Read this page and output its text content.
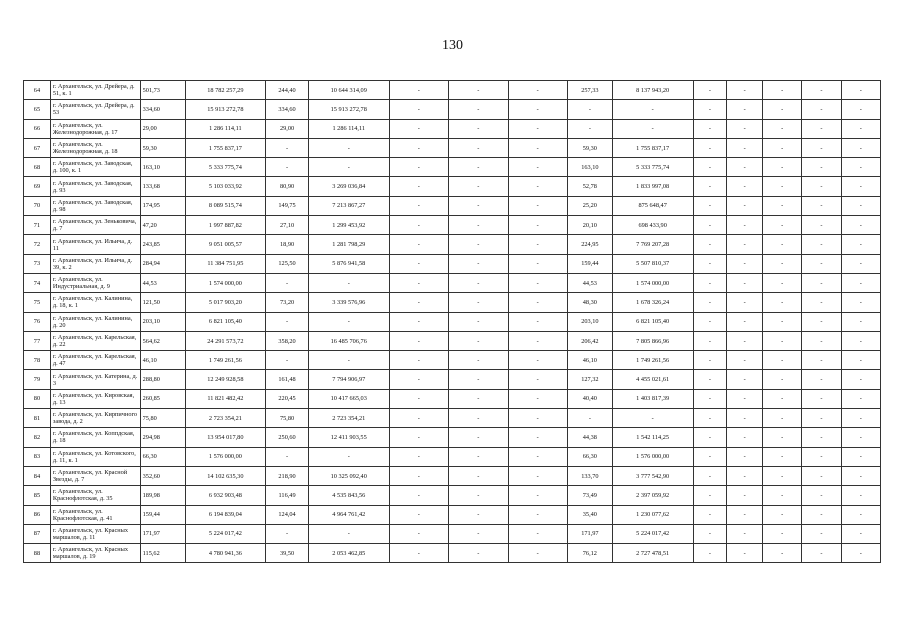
130
64	г. Архангельск, ул. Дрейера, д. 51, к. 1	501,73	18 782 257,29	244,40	10 644 314,09	-	-	-	257,33	8 137 943,20	-	-	-	-	-
65	г. Архангельск, ул. Дрейера, д. 53	334,60	15 913 272,78	334,60	15 913 272,78	-	-	-	-	-	-	-	-	-	-
66	г. Архангельск, ул. Железнодорожная, д. 17	29,00	1 286 114,11	29,00	1 286 114,11	-	-	-	-	-	-	-	-	-	-
67	г. Архангельск, ул. Железнодорожная, д. 18	59,30	1 755 837,17	-	-	-	-	-	59,30	1 755 837,17	-	-	-	-	-
68	г. Архангельск, ул. Заводская, д. 100, к. 1	163,10	5 333 775,74	-	-	-	-	-	163,10	5 333 775,74	-	-	-	-	-
69	г. Архангельск, ул. Заводская, д. 93	133,68	5 103 033,92	80,90	3 269 036,84	-	-	-	52,78	1 833 997,08	-	-	-	-	-
70	г. Архангельск, ул. Заводская, д. 98	174,95	8 089 515,74	149,75	7 213 867,27	-	-	-	25,20	875 648,47	-	-	-	-	-
71	г. Архангельск, ул. Зеньковича, д. 7	47,20	1 997 887,82	27,10	1 299 453,92	-	-	-	20,10	698 433,90	-	-	-	-	-
72	г. Архангельск, ул. Ильича, д. 11	243,85	9 051 005,57	18,90	1 281 798,29	-	-	-	224,95	7 769 207,28	-	-	-	-	-
73	г. Архангельск, ул. Ильича, д. 39, к. 2	284,94	11 384 751,95	125,50	5 876 941,58	-	-	-	159,44	5 507 810,37	-	-	-	-	-
74	г. Архангельск, ул. Индустриальная, д. 9	44,53	1 574 000,00	-	-	-	-	-	44,53	1 574 000,00	-	-	-	-	-
75	г. Архангельск, ул. Калинина, д. 18, к. 1	121,50	5 017 903,20	73,20	3 339 576,96	-	-	-	48,30	1 678 326,24	-	-	-	-	-
76	г. Архангельск, ул. Калинина, д. 20	203,10	6 821 105,40	-	-	-	-	-	203,10	6 821 105,40	-	-	-	-	-
77	г. Архангельск, ул. Карельская, д. 22	564,62	24 291 573,72	358,20	16 485 706,76	-	-	-	206,42	7 805 866,96	-	-	-	-	-
78	г. Архангельск, ул. Карельская, д. 47	46,10	1 749 261,56	-	-	-	-	-	46,10	1 749 261,56	-	-	-	-	-
79	г. Архангельск, ул. Катерина, д. 3	288,80	12 249 928,58	161,48	7 794 906,97	-	-	-	127,32	4 455 021,61	-	-	-	-	-
80	г. Архангельск, ул. Кировская, д. 13	260,85	11 821 482,42	220,45	10 417 665,03	-	-	-	40,40	1 403 817,39	-	-	-	-	-
81	г. Архангельск, ул. Кирпичного завода, д. 2	75,80	2 723 354,21	75,80	2 723 354,21	-	-	-	-	-	-	-	-	-	-
82	г. Архангельск, ул. Коппдская, д. 18	294,98	13 954 017,80	250,60	12 411 903,55	-	-	-	44,38	1 542 114,25	-	-	-	-	-
83	г. Архангельск, ул. Котовского, д. 11, к. 1	66,30	1 576 000,00	-	-	-	-	-	66,30	1 576 000,00	-	-	-	-	-
84	г. Архангельск, ул. Красной Звезды, д. 7	352,60	14 102 635,30	218,90	10 325 092,40	-	-	-	133,70	3 777 542,90	-	-	-	-	-
85	г. Архангельск, ул. Краснофлотская, д. 35	189,98	6 932 903,48	116,49	4 535 843,56	-	-	-	73,49	2 397 059,92	-	-	-	-	-
86	г. Архангельск, ул. Краснофлотская, д. 41	159,44	6 194 839,04	124,04	4 964 761,42	-	-	-	35,40	1 230 077,62	-	-	-	-	-
87	г. Архангельск, ул. Красных маршалов, д. 11	171,97	5 224 017,42	-	-	-	-	-	171,97	5 224 017,42	-	-	-	-	-
88	г. Архангельск, ул. Красных маршалов, д. 19	115,62	4 780 941,36	39,50	2 053 462,85	-	-	-	76,12	2 727 478,51	-	-	-	-	-
